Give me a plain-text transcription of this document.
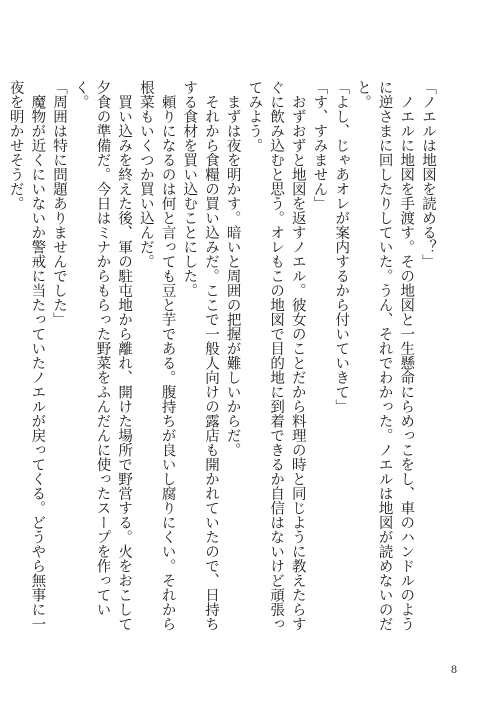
「ノエルは地図を読める？」

　ノエルに地図を手渡す。その地図と一生懸命にらめっこをし、車のハンドルのように逆さまに回したりしていた。うん、それでわかった。ノエルは地図が読めないのだと。

「よし、じゃあオレが案内するから付いていきて」

「す、すみません」

　おずおずと地図を返すノエル。彼女のことだから料理の時と同じように教えたらすぐに飲み込むと思う。オレもこの地図で目的地に到着できるか自信はないけど頑張ってみよう。

　まずは夜を明かす。暗いと周囲の把握が難しいからだ。

　それから食糧の買い込みだ。ここで一般人向けの露店も開かれていたので、日持ちする食材を買い込むことにした。

　頼りになるのは何と言っても豆と芋である。腹持ちが良いし腐りにくい。それから根菜もいくつか買い込んだ。

　買い込みを終えた後、軍の駐屯地から離れ、開けた場所で野営する。火をおこして夕食の準備だ。今日はミナからもらった野菜をふんだんに使ったスープを作っていく。

「周囲は特に問題ありませんでした」

　魔物が近くにいないか警戒に当たっていたノエルが戻ってくる。どうやら無事に一夜を明かせそうだ。

8
